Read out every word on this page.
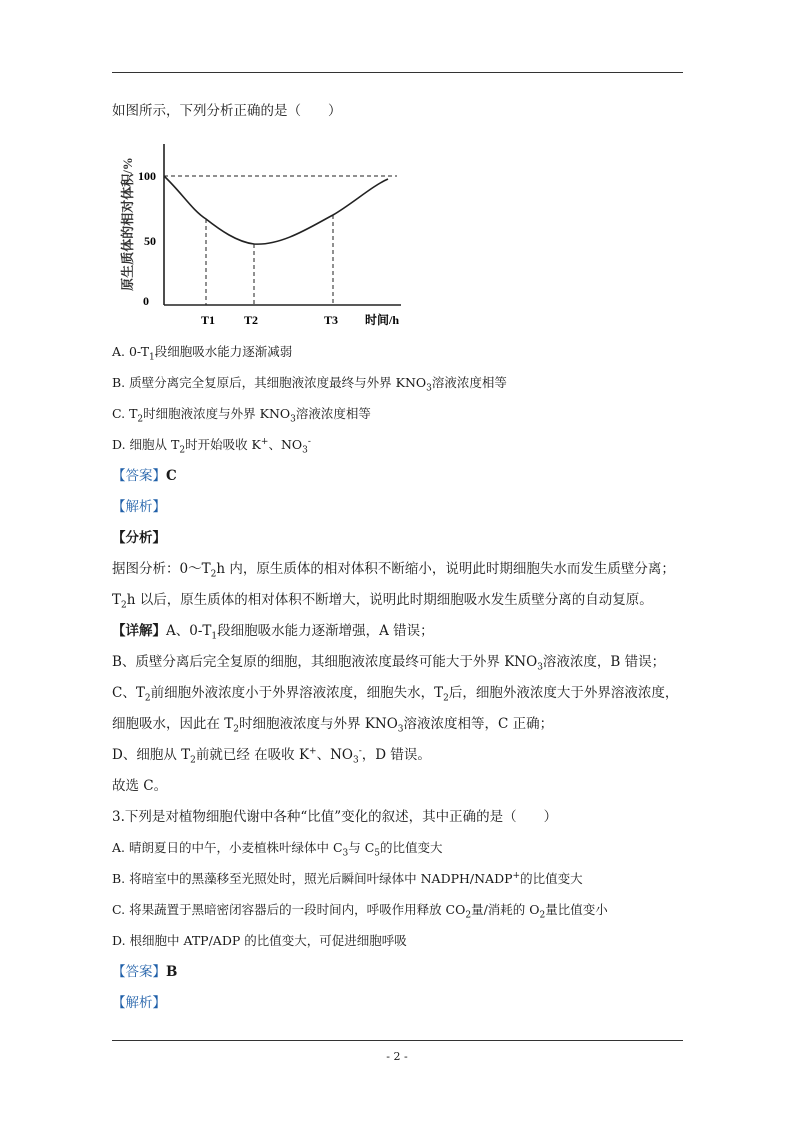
如图所示，下列分析正确的是（　　）
原生质体的相对体积/% 100
50
0
T1 T2	T3 时间/h
A. $0-T_1$段细胞吸水能力逐渐减弱
B. 质壁分离完全复原后，其细胞液浓度最终与外界 $KNO_3$溶液浓度相等
C. $T_2$时细胞液浓度与外界 $KNO_3$溶液浓度相等
D. 细胞从 $T_2$时开始吸收 K+、$NO_3^-$
【答案】C
【解析】
【分析】
据图分析：$0\sim T_2h$ 内，原生质体的相对体积不断缩小，说明此时期细胞失水而发生质壁分离；
$T_2h$ 以后，原生质体的相对体积不断增大，说明此时期细胞吸水发生质壁分离的自动复原。
【详解】A、$0-T_1$段细胞吸水能力逐渐增强，A 错误；
B、质壁分离后完全复原的细胞，其细胞液浓度最终可能大于外界 $KNO_3$溶液浓度，B 错误；
C、$T_2$前细胞外液浓度小于外界溶液浓度，细胞失水，$T_2$后，细胞外液浓度大于外界溶液浓度，
细胞吸水，因此在 $T_2$时细胞液浓度与外界 $KNO_3$溶液浓度相等，C 正确；
D、细胞从 $T_2$前就已经 在吸收 K+、$NO_3^-$，D 错误。
故选 C。
3.下列是对植物细胞代谢中各种“比值”变化的叙述，其中正确的是（　　）
A. 晴朗夏日的中午，小麦植株叶绿体中 $C_3$与 $C_5$的比值变大
B. 将暗室中的黑藻移至光照处时，照光后瞬间叶绿体中 NADPH/NADP+的比值变大
C. 将果蔬置于黑暗密闭容器后的一段时间内，呼吸作用释放 $CO_2$量/消耗的 $O_2$量比值变小
D. 根细胞中 ATP/ADP 的比值变大，可促进细胞呼吸
【答案】B
【解析】
- 2 -
